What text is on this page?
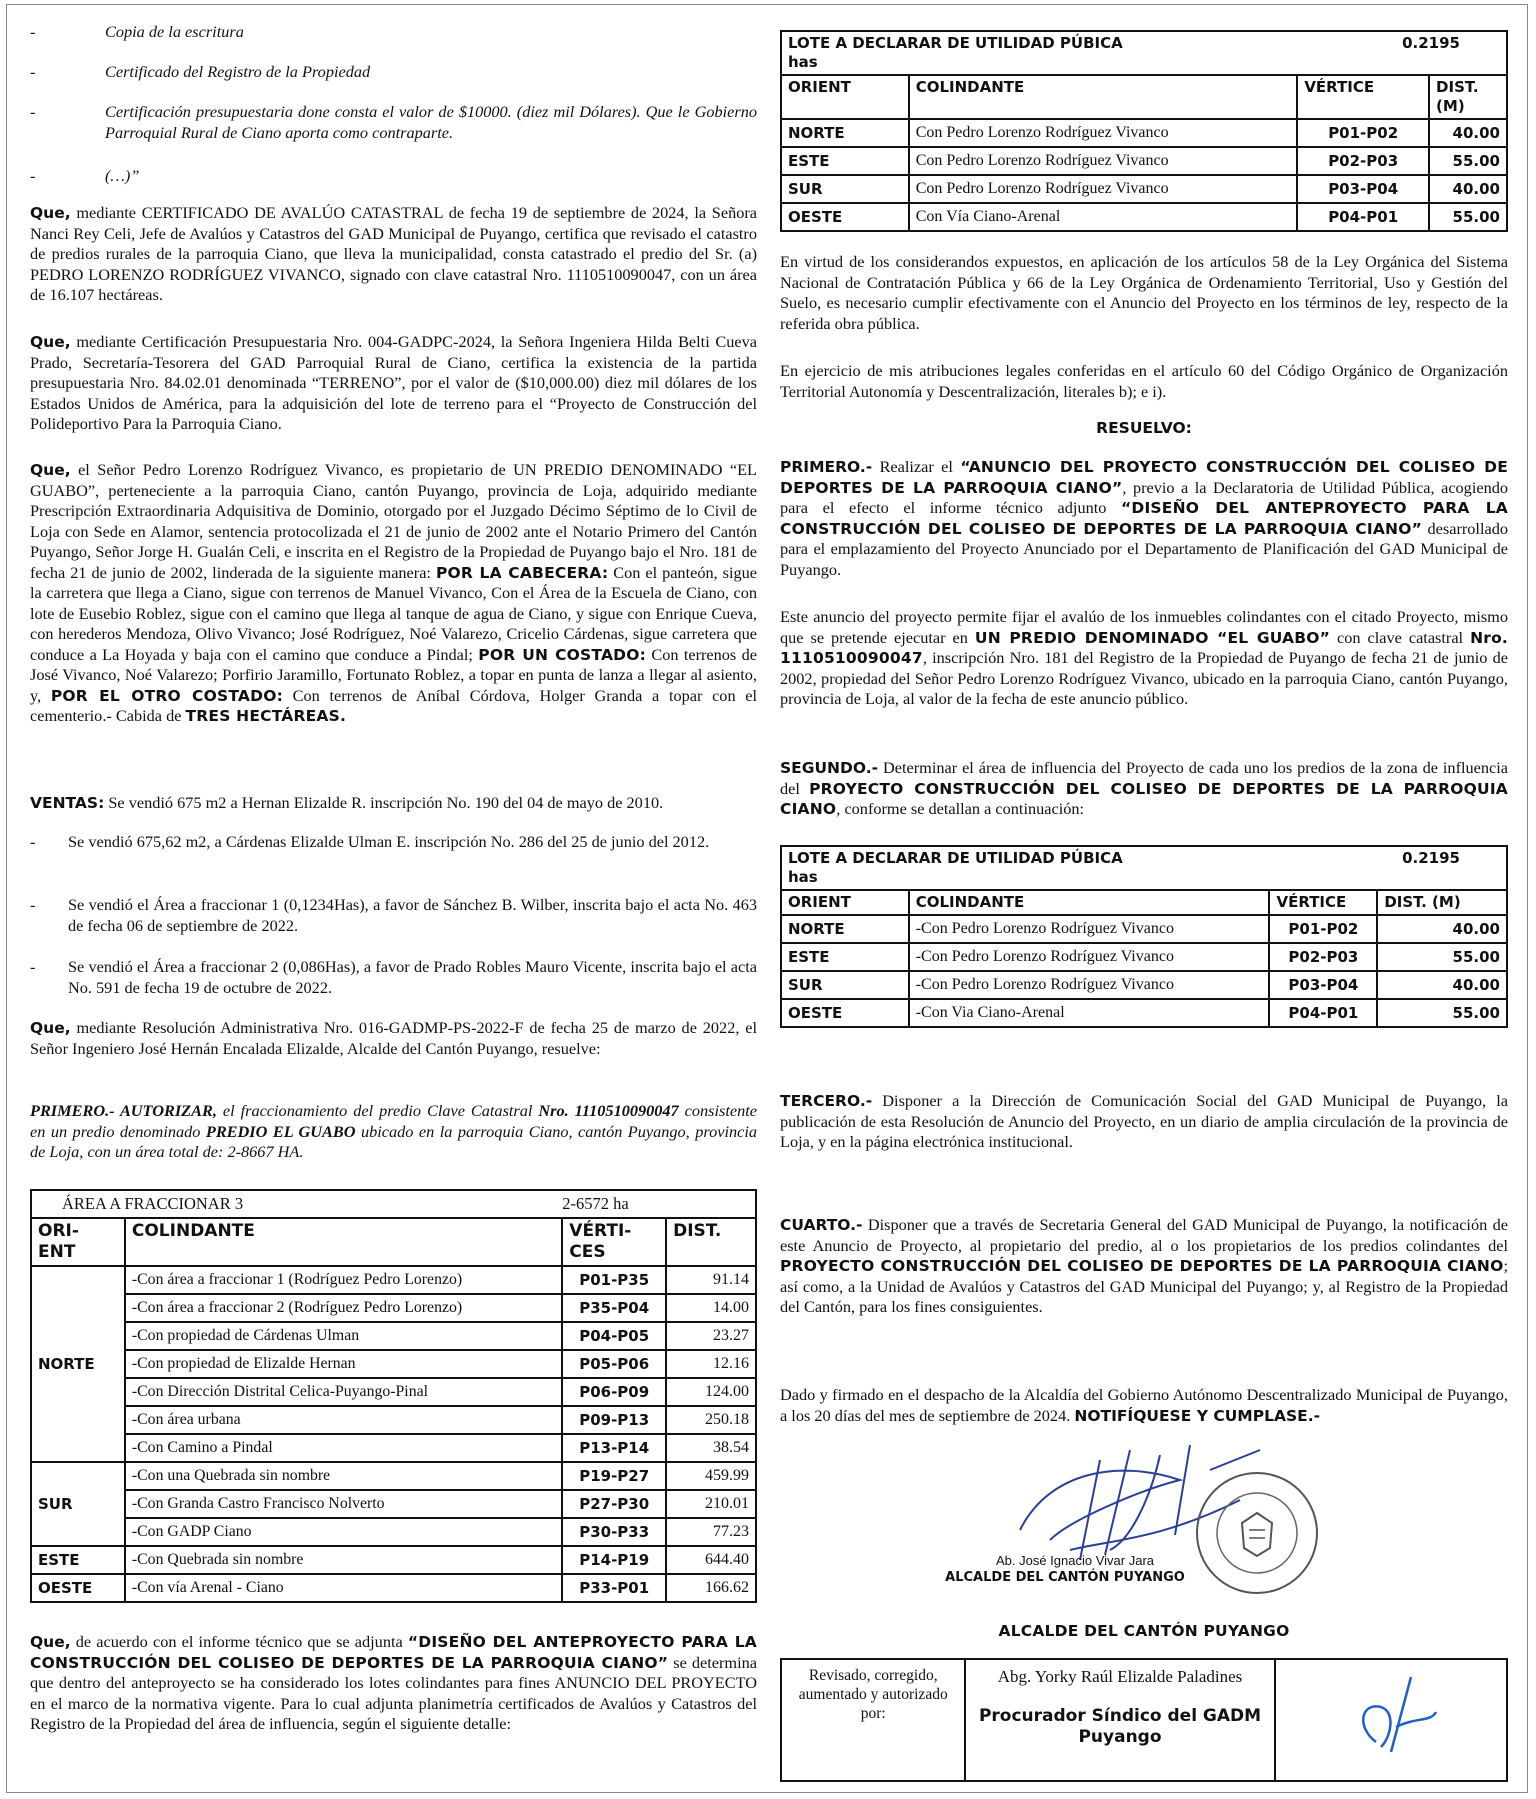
-	Copia de la escritura
-	Certificado del Registro de la Propiedad
-	Certificación presupuestaria done consta el valor de $10000. (diez mil Dólares). Que le Gobierno Parroquial Rural de Ciano aporta como contraparte.
-	(…)”

Que, mediante CERTIFICADO DE AVALÚO CATASTRAL de fecha 19 de septiembre de 2024, la Señora Nanci Rey Celi, Jefe de Avalúos y Catastros del GAD Municipal de Puyango, certifica que revisado el catastro de predios rurales de la parroquia Ciano, que lleva la municipalidad, consta catastrado el predio del Sr. (a) PEDRO LORENZO RODRÍGUEZ VIVANCO, signado con clave catastral Nro. 1110510090047, con un área de 16.107 hectáreas.

Que, mediante Certificación Presupuestaria Nro. 004-GADPC-2024, la Señora Ingeniera Hilda Belti Cueva Prado, Secretaría-Tesorera del GAD Parroquial Rural de Ciano, certifica la existencia de la partida presupuestaria Nro. 84.02.01 denominada “TERRENO”, por el valor de ($10,000.00) diez mil dólares de los Estados Unidos de América, para la adquisición del lote de terreno para el “Proyecto de Construcción del Polideportivo Para la Parroquia Ciano.

Que, el Señor Pedro Lorenzo Rodríguez Vivanco, es propietario de UN PREDIO DENOMINADO “EL GUABO”, perteneciente a la parroquia Ciano, cantón Puyango, provincia de Loja, adquirido mediante Prescripción Extraordinaria Adquisitiva de Dominio, otorgado por el Juzgado Décimo Séptimo de lo Civil de Loja con Sede en Alamor, sentencia protocolizada el 21 de junio de 2002 ante el Notario Primero del Cantón Puyango, Señor Jorge H. Gualán Celi, e inscrita en el Registro de la Propiedad de Puyango bajo el Nro. 181 de fecha 21 de junio de 2002, linderada de la siguiente manera: POR LA CABECERA: Con el panteón, sigue la carretera que llega a Ciano, sigue con terrenos de Manuel Vivanco, Con el Área de la Escuela de Ciano, con lote de Eusebio Roblez, sigue con el camino que llega al tanque de agua de Ciano, y sigue con Enrique Cueva, con herederos Mendoza, Olivo Vivanco; José Rodríguez, Noé Valarezo, Cricelio Cárdenas, sigue carretera que conduce a La Hoyada y baja con el camino que conduce a Pindal; POR UN COSTADO: Con terrenos de José Vivanco, Noé Valarezo; Porfirio Jaramillo, Fortunato Roblez, a topar en punta de lanza a llegar al asiento, y, POR EL OTRO COSTADO: Con terrenos de Aníbal Córdova, Holger Granda a topar con el cementerio.- Cabida de TRES HECTÁREAS.

VENTAS: Se vendió 675 m2 a Hernan Elizalde R. inscripción No. 190 del 04 de mayo de 2010.

- Se vendió 675,62 m2, a Cárdenas Elizalde Ulman E. inscripción No. 286 del 25 de junio del 2012.
- Se vendió el Área a fraccionar 1 (0,1234Has), a favor de Sánchez B. Wilber, inscrita bajo el acta No. 463 de fecha 06 de septiembre de 2022.
- Se vendió el Área a fraccionar 2 (0,086Has), a favor de Prado Robles Mauro Vicente, inscrita bajo el acta No. 591 de fecha 19 de octubre de 2022.

Que, mediante Resolución Administrativa Nro. 016-GADMP-PS-2022-F de fecha 25 de marzo de 2022, el Señor Ingeniero José Hernán Encalada Elizalde, Alcalde del Cantón Puyango, resuelve:

PRIMERO.- AUTORIZAR, el fraccionamiento del predio Clave Catastral Nro. 1110510090047 consistente en un predio denominado PREDIO EL GUABO ubicado en la parroquia Ciano, cantón Puyango, provincia de Loja, con un área total de: 2-8667 HA.

ÁREA A FRACCIONAR 3		2-6572 ha	
ORI-
ENT	COLINDANTE	VÉRTI-
CES	DIST.
NORTE	-Con área a fraccionar 1 (Rodríguez Pedro Lorenzo)	P01-P35	91.14
	-Con área a fraccionar 2 (Rodríguez Pedro Lorenzo)	P35-P04	14.00
	-Con propiedad de Cárdenas Ulman	P04-P05	23.27
	-Con propiedad de Elizalde Hernan	P05-P06	12.16
	-Con Dirección Distrital Celica-Puyango-Pinal	P06-P09	124.00
	-Con área urbana	P09-P13	250.18
	-Con Camino a Pindal	P13-P14	38.54
SUR	-Con una Quebrada sin nombre	P19-P27	459.99
	-Con Granda Castro Francisco Nolverto	P27-P30	210.01
	-Con GADP Ciano	P30-P33	77.23
ESTE	-Con Quebrada sin nombre	P14-P19	644.40
OESTE	-Con vía Arenal - Ciano	P33-P01	166.62

Que, de acuerdo con el informe técnico que se adjunta “DISEÑO DEL ANTEPROYECTO PARA LA CONSTRUCCIÓN DEL COLISEO DE DEPORTES DE LA PARROQUIA CIANO” se determina que dentro del anteproyecto se ha considerado los lotes colindantes para fines ANUNCIO DEL PROYECTO en el marco de la normativa vigente. Para lo cual adjunta planimetría certificados de Avalúos y Catastros del Registro de la Propiedad del área de influencia, según el siguiente detalle:

LOTE A DECLARAR DE UTILIDAD PÚBICA 0.2195
has			

ORIENT	COLINDANTE	VÉRTICE	DIST.
(M)
NORTE	Con Pedro Lorenzo Rodríguez Vivanco	P01-P02	40.00
ESTE	Con Pedro Lorenzo Rodríguez Vivanco	P02-P03	55.00
SUR	Con Pedro Lorenzo Rodríguez Vivanco	P03-P04	40.00
OESTE	Con Vía Ciano-Arenal	P04-P01	55.00

En virtud de los considerandos expuestos, en aplicación de los artículos 58 de la Ley Orgánica del Sistema Nacional de Contratación Pública y 66 de la Ley Orgánica de Ordenamiento Territorial, Uso y Gestión del Suelo, es necesario cumplir efectivamente con el Anuncio del Proyecto en los términos de ley, respecto de la referida obra pública.

En ejercicio de mis atribuciones legales conferidas en el artículo 60 del Código Orgánico de Organización Territorial Autonomía y Descentralización, literales b); e i).

RESUELVO:

PRIMERO.- Realizar el “ANUNCIO DEL PROYECTO CONSTRUCCIÓN DEL COLISEO DE DEPORTES DE LA PARROQUIA CIANO”, previo a la Declaratoria de Utilidad Pública, acogiendo para el efecto el informe técnico adjunto “DISEÑO DEL ANTEPROYECTO PARA LA CONSTRUCCIÓN DEL COLISEO DE DEPORTES DE LA PARROQUIA CIANO” desarrollado para el emplazamiento del Proyecto Anunciado por el Departamento de Planificación del GAD Municipal de Puyango.

Este anuncio del proyecto permite fijar el avalúo de los inmuebles colindantes con el citado Proyecto, mismo que se pretende ejecutar en UN PREDIO DENOMINADO “EL GUABO” con clave catastral Nro. 1110510090047, inscripción Nro. 181 del Registro de la Propiedad de Puyango de fecha 21 de junio de 2002, propiedad del Señor Pedro Lorenzo Rodríguez Vivanco, ubicado en la parroquia Ciano, cantón Puyango, provincia de Loja, al valor de la fecha de este anuncio público.

SEGUNDO.- Determinar el área de influencia del Proyecto de cada uno los predios de la zona de influencia del PROYECTO CONSTRUCCIÓN DEL COLISEO DE DEPORTES DE LA PARROQUIA CIANO, conforme se detallan a continuación:

LOTE A DECLARAR DE UTILIDAD PÚBICA 0.2195
has			

ORIENT	COLINDANTE	VÉRTICE	DIST. (M)
NORTE	-Con Pedro Lorenzo Rodríguez Vivanco	P01-P02	40.00
ESTE	-Con Pedro Lorenzo Rodríguez Vivanco	P02-P03	55.00
SUR	-Con Pedro Lorenzo Rodríguez Vivanco	P03-P04	40.00
OESTE	-Con Via Ciano-Arenal	P04-P01	55.00

TERCERO.- Disponer a la Dirección de Comunicación Social del GAD Municipal de Puyango, la publicación de esta Resolución de Anuncio del Proyecto, en un diario de amplia circulación de la provincia de Loja, y en la página electrónica institucional.

CUARTO.- Disponer que a través de Secretaria General del GAD Municipal de Puyango, la notificación de este Anuncio de Proyecto, al propietario del predio, al o los propietarios de los predios colindantes del PROYECTO CONSTRUCCIÓN DEL COLISEO DE DEPORTES DE LA PARROQUIA CIANO; así como, a la Unidad de Avalúos y Catastros del GAD Municipal del Puyango; y, al Registro de la Propiedad del Cantón, para los fines consiguientes.

Dado y firmado en el despacho de la Alcaldía del Gobierno Autónomo Descentralizado Municipal de Puyango, a los 20 días del mes de septiembre de 2024. NOTIFÍQUESE Y CUMPLASE.-

Ab. José Ignacio Vivar Jara
ALCALDE DEL CANTÓN PUYANGO
ALCALDE DEL CANTÓN PUYANGO
Revisado, corregido, aumentado y autorizado por:	
Abg. Yorky Raúl Elizalde Paladines
Procurador Síndico del GADM Puyango
